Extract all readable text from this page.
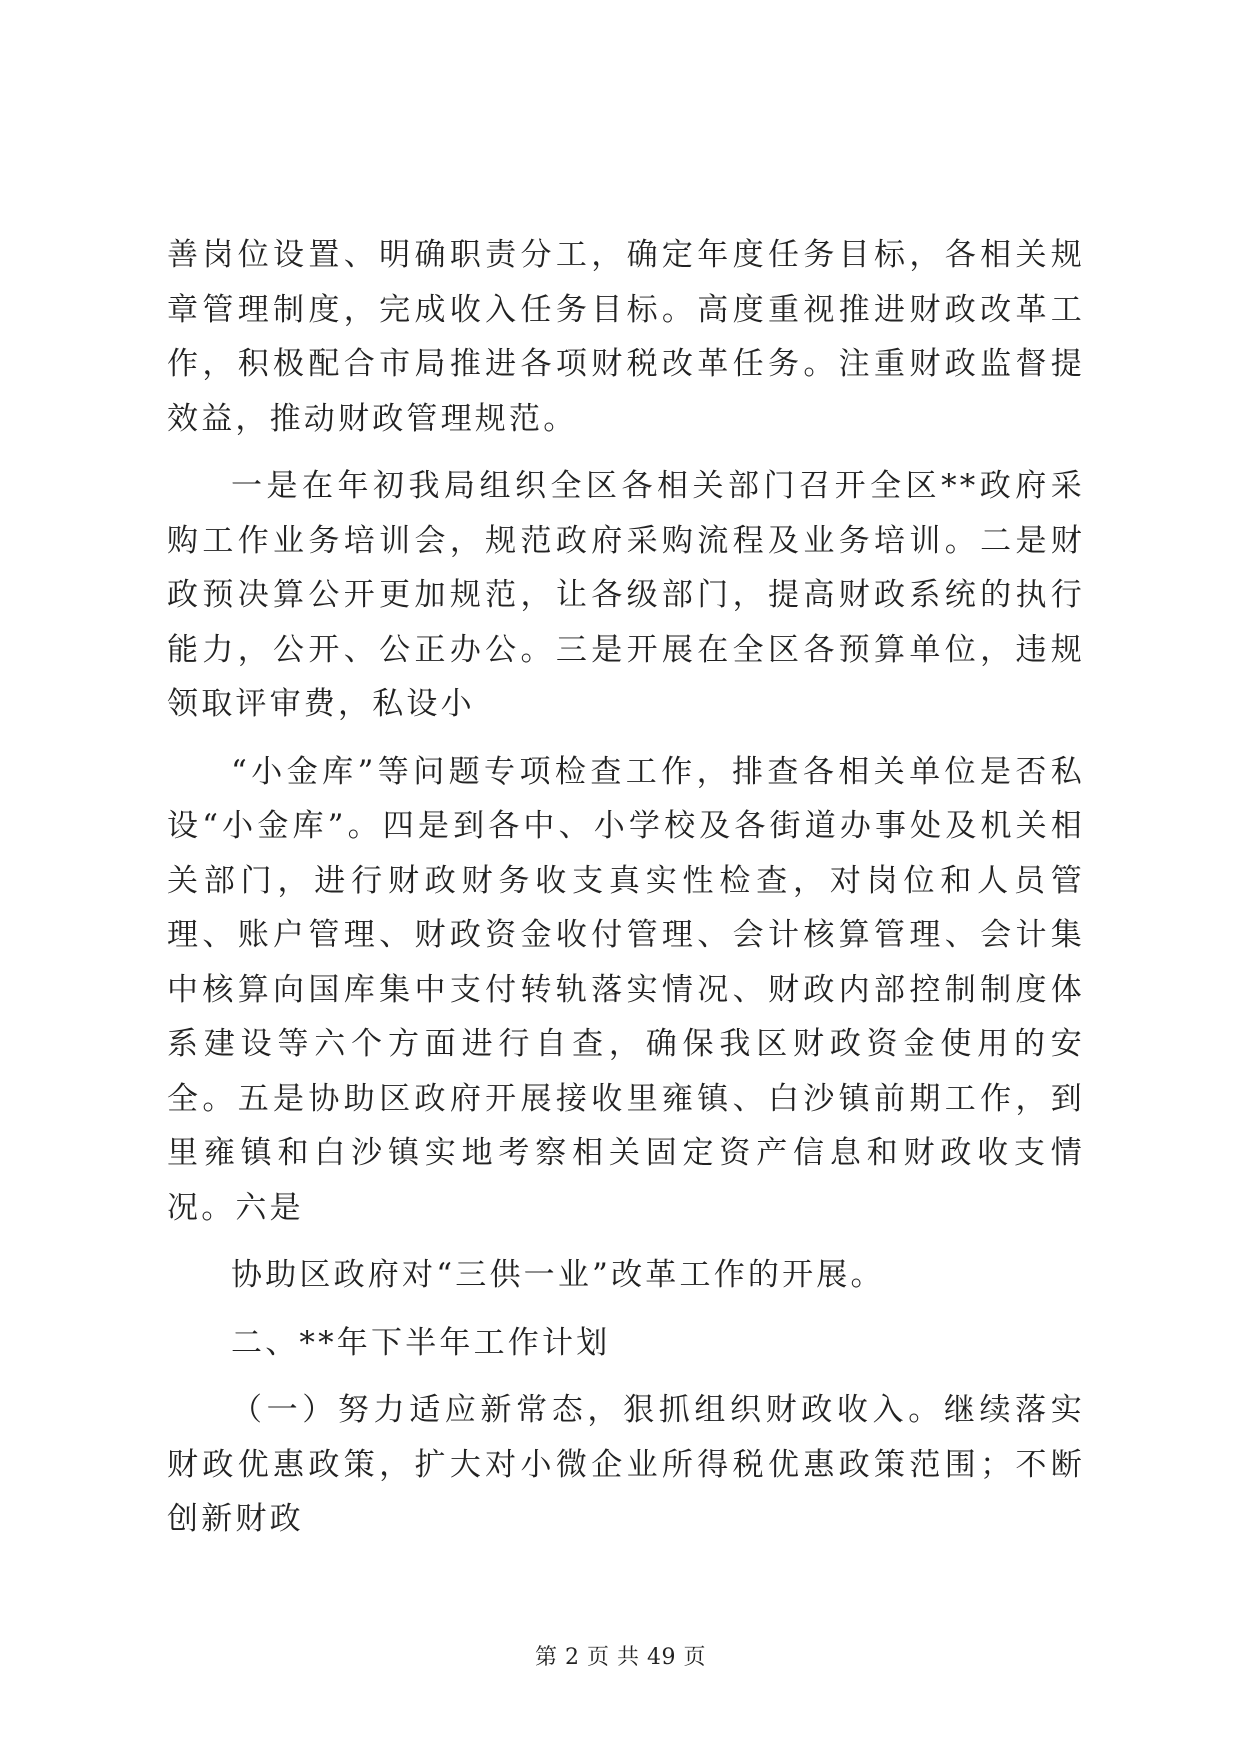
善岗位设置、明确职责分工，确定年度任务目标，各相关规章管理制度，完成收入任务目标。高度重视推进财政改革工作，积极配合市局推进各项财税改革任务。注重财政监督提效益，推动财政管理规范。

一是在年初我局组织全区各相关部门召开全区**政府采购工作业务培训会，规范政府采购流程及业务培训。二是财政预决算公开更加规范，让各级部门，提高财政系统的执行能力，公开、公正办公。三是开展在全区各预算单位，违规领取评审费，私设小

“小金库”等问题专项检查工作，排查各相关单位是否私设“小金库”。四是到各中、小学校及各街道办事处及机关相关部门，进行财政财务收支真实性检查，对岗位和人员管理、账户管理、财政资金收付管理、会计核算管理、会计集中核算向国库集中支付转轨落实情况、财政内部控制制度体系建设等六个方面进行自查，确保我区财政资金使用的安全。五是协助区政府开展接收里雍镇、白沙镇前期工作，到里雍镇和白沙镇实地考察相关固定资产信息和财政收支情况。六是

协助区政府对“三供一业”改革工作的开展。

二、**年下半年工作计划

（一）努力适应新常态，狠抓组织财政收入。继续落实财政优惠政策，扩大对小微企业所得税优惠政策范围；不断创新财政

第 2 页 共 49 页
